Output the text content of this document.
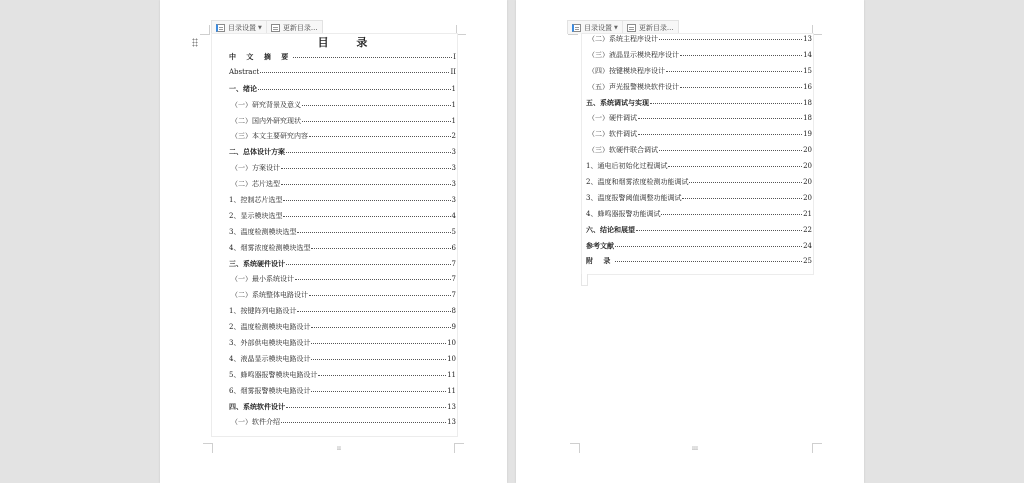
目录设置 ▼	更新目录...
目 录
中 文 摘 要	I
Abstract	II
一、绪论	1
（一）研究背景及意义	1
（二）国内外研究现状	1
（三）本文主要研究内容	2
二、总体设计方案	3
（一）方案设计	3
（二）芯片选型	3
1、控制芯片选型	3
2、显示模块选型	4
3、温度检测模块选型	5
4、烟雾浓度检测模块选型	6
三、系统硬件设计	7
（一）最小系统设计	7
（二）系统整体电路设计	7
1、按键阵列电路设计	8
2、温度检测模块电路设计	9
3、外部供电模块电路设计	10
4、液晶显示模块电路设计	10
5、蜂鸣器报警模块电路设计	11
6、烟雾报警模块电路设计	11
四、系统软件设计	13
（一）软件介绍	13
II
目录设置 ▼	更新目录...
（二）系统主程序设计	13
（三）液晶显示模块程序设计	14
（四）按键模块程序设计	15
（五）声光报警模块软件设计	16
五、系统调试与实现	18
（一）硬件调试	18
（二）软件调试	19
（三）软硬件联合调试	20
1、通电后初始化过程调试	20
2、温度和烟雾浓度检测功能调试	20
3、温度报警阈值调整功能调试	20
4、蜂鸣器报警功能调试	21
六、结论和展望	22
参考文献	24
附 录	25
III
